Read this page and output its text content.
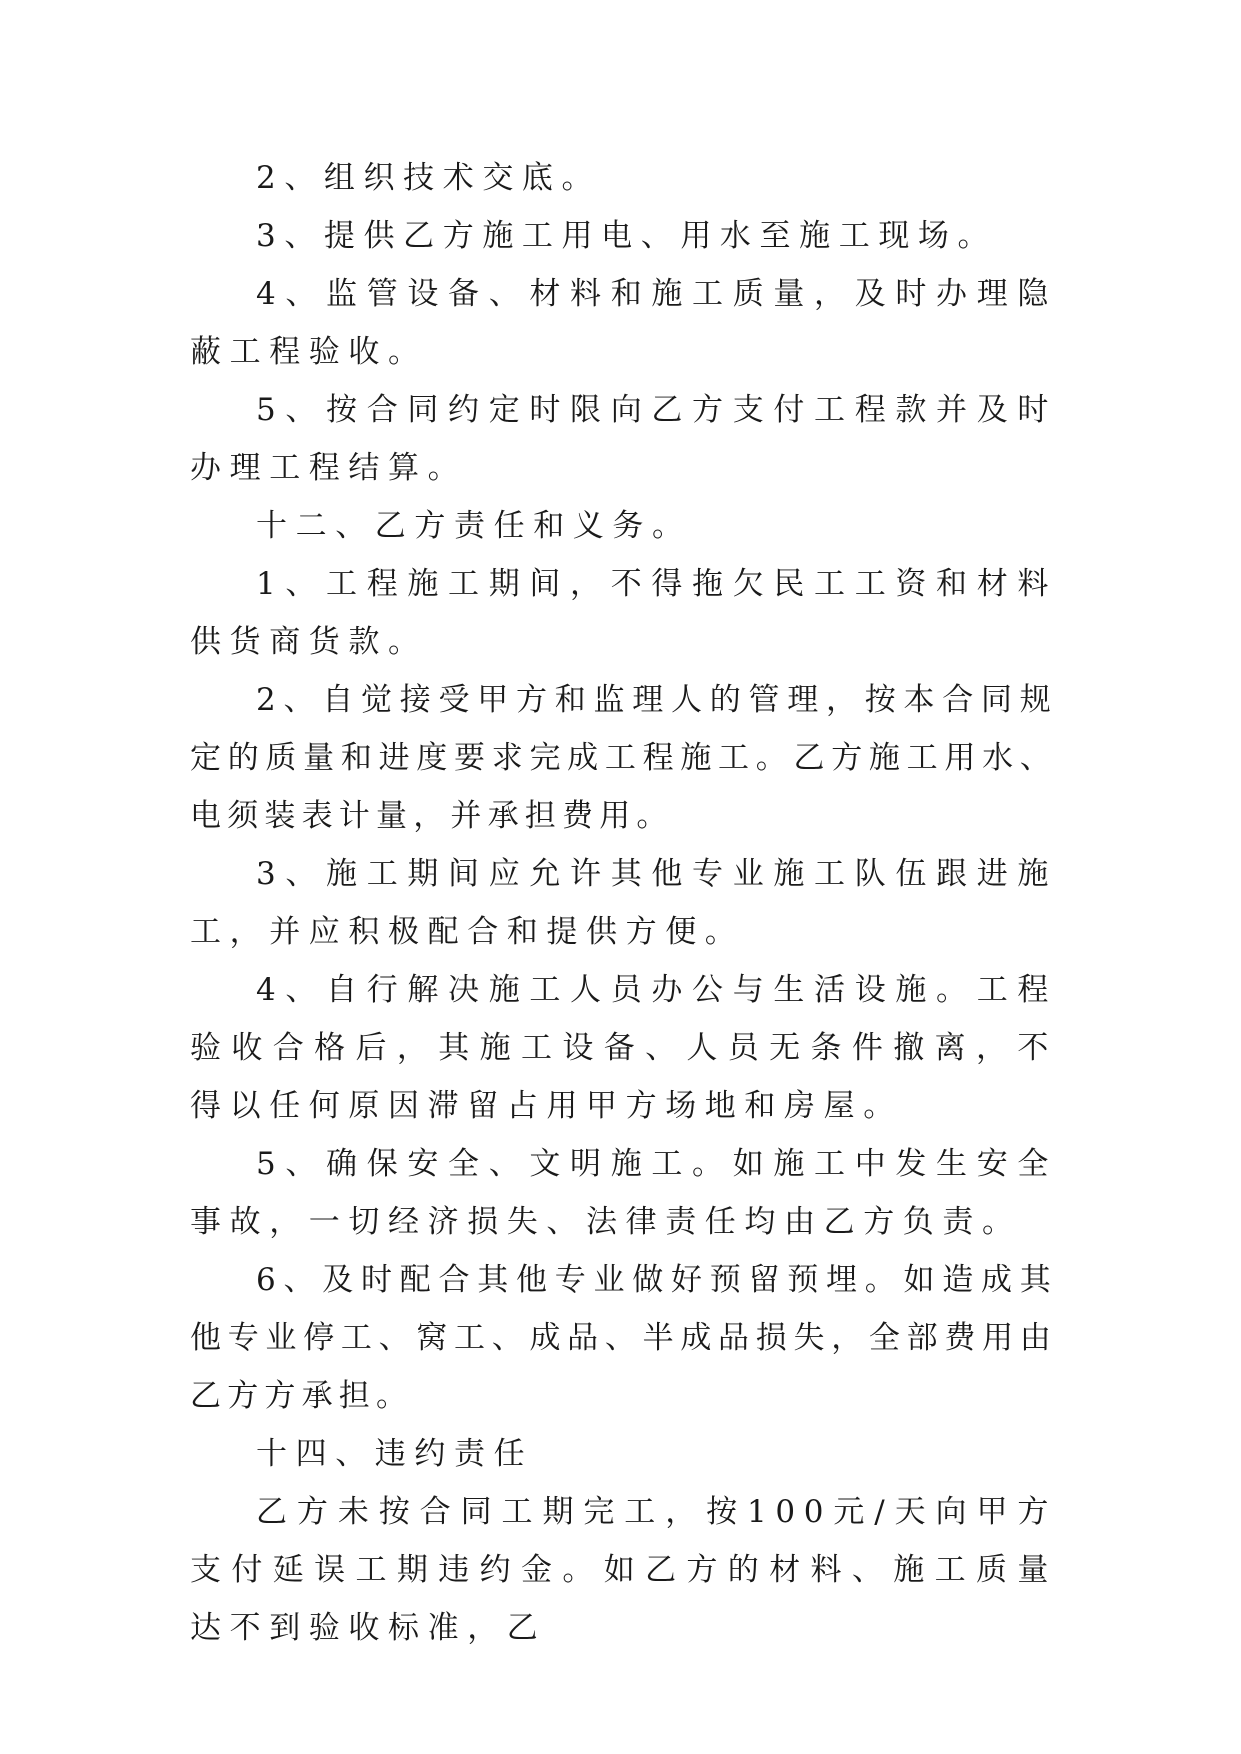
2、组织技术交底。

3、提供乙方施工用电、用水至施工现场。

4、监管设备、材料和施工质量，及时办理隐蔽工程验收。

5、按合同约定时限向乙方支付工程款并及时办理工程结算。

十二、乙方责任和义务。

1、工程施工期间，不得拖欠民工工资和材料供货商货款。

2、自觉接受甲方和监理人的管理，按本合同规定的质量和进度要求完成工程施工。乙方施工用水、电须装表计量，并承担费用。

3、施工期间应允许其他专业施工队伍跟进施工，并应积极配合和提供方便。

4、自行解决施工人员办公与生活设施。工程验收合格后，其施工设备、人员无条件撤离，不得以任何原因滞留占用甲方场地和房屋。

5、确保安全、文明施工。如施工中发生安全事故，一切经济损失、法律责任均由乙方负责。

6、及时配合其他专业做好预留预埋。如造成其他专业停工、窝工、成品、半成品损失，全部费用由乙方方承担。

十四、违约责任

乙方未按合同工期完工，按100元/天向甲方支付延误工期违约金。如乙方的材料、施工质量达不到验收标准，乙
